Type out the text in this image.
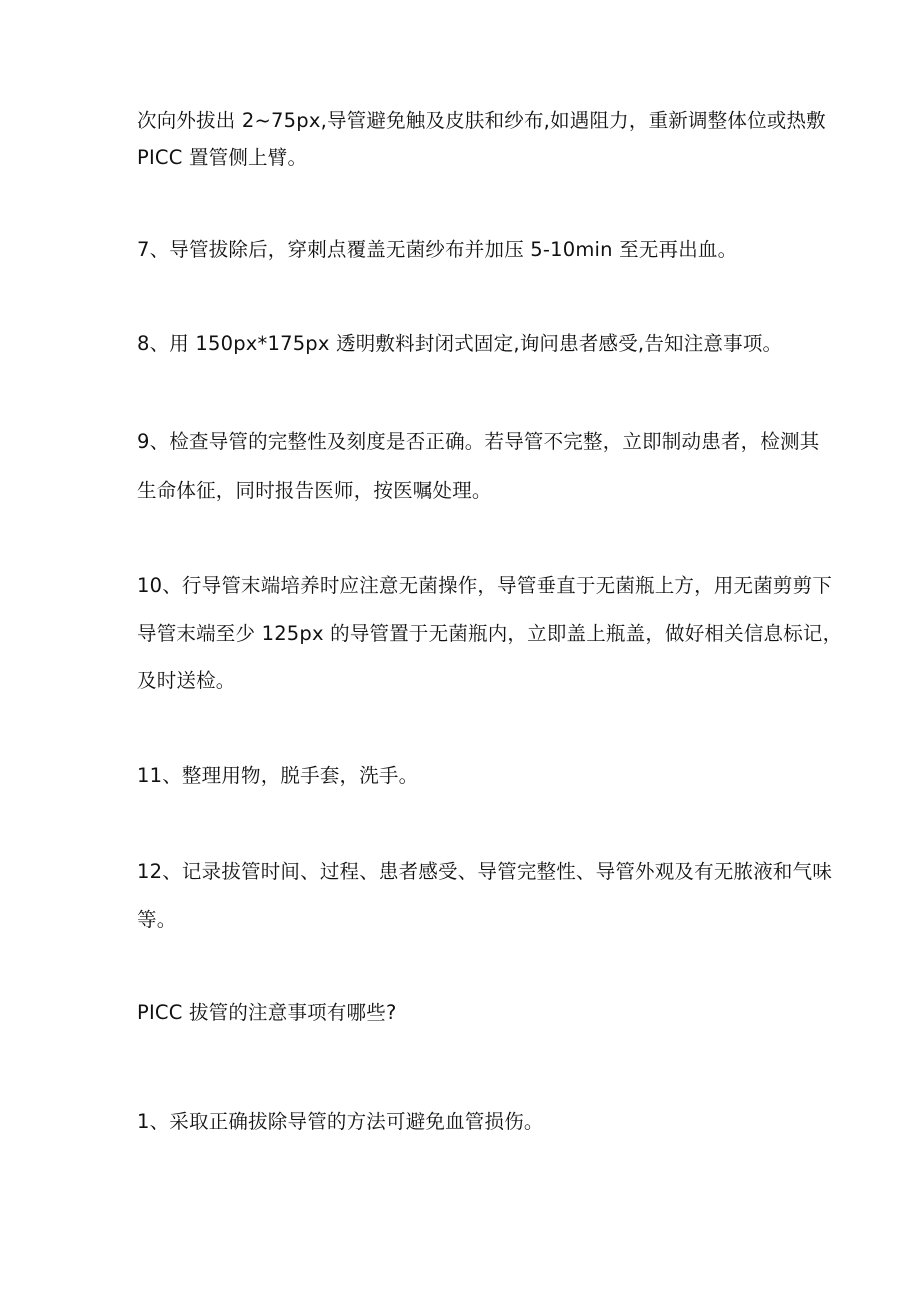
次向外拔出 2~75px,导管避免触及皮肤和纱布,如遇阻力，重新调整体位或热敷
PICC 置管侧上臂。
7、导管拔除后，穿刺点覆盖无菌纱布并加压 5-10min 至无再出血。
8、用 150px*175px 透明敷料封闭式固定,询问患者感受,告知注意事项。
9、检查导管的完整性及刻度是否正确。若导管不完整，立即制动患者，检测其
生命体征，同时报告医师，按医嘱处理。
10、行导管末端培养时应注意无菌操作，导管垂直于无菌瓶上方，用无菌剪剪下
导管末端至少 125px 的导管置于无菌瓶内，立即盖上瓶盖，做好相关信息标记，
及时送检。
11、整理用物，脱手套，洗手。
12、记录拔管时间、过程、患者感受、导管完整性、导管外观及有无脓液和气味
等。
PICC 拔管的注意事项有哪些?
1、采取正确拔除导管的方法可避免血管损伤。
